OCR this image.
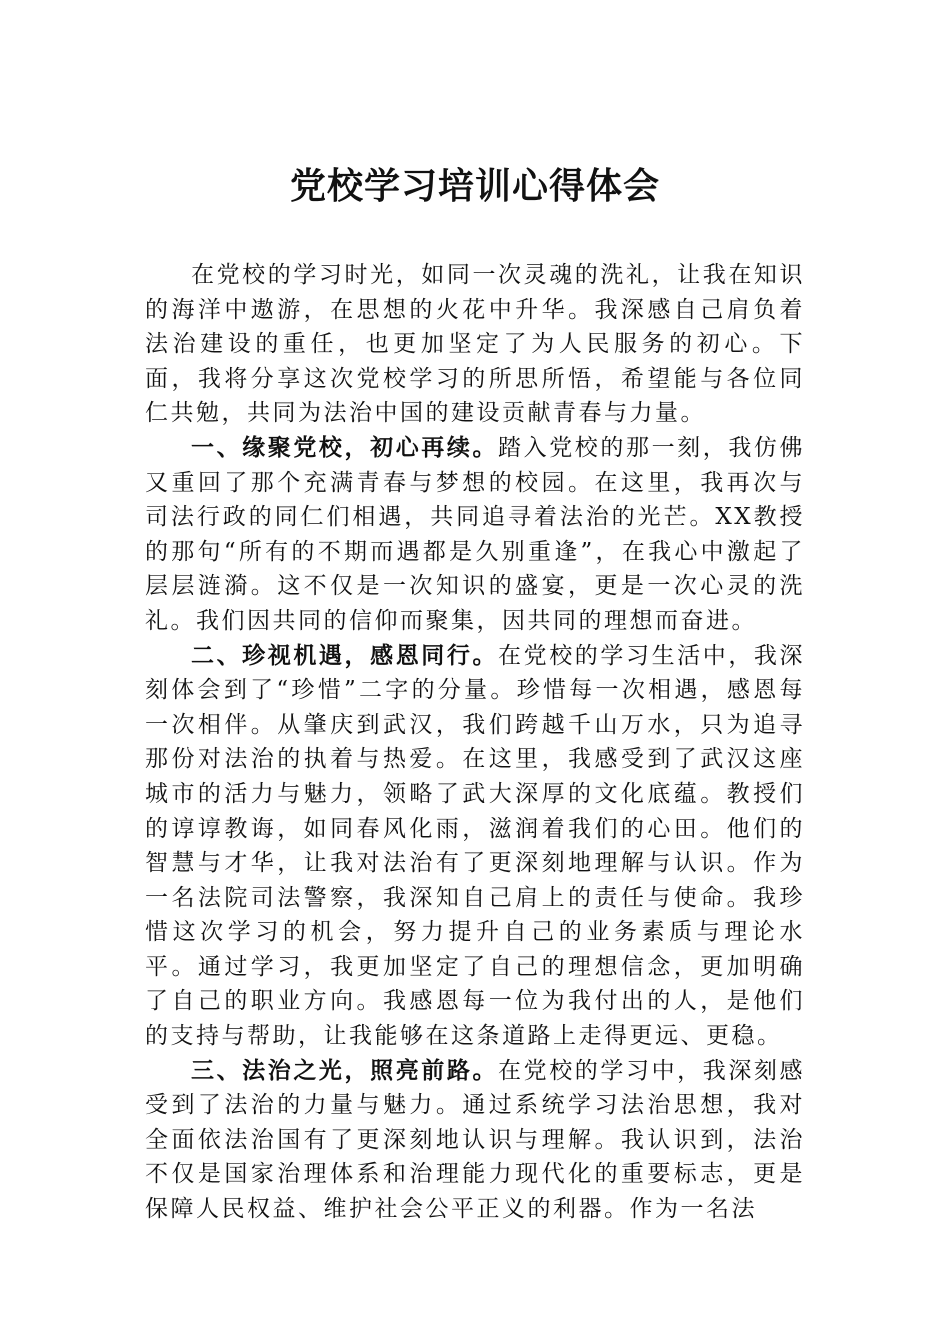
党校学习培训心得体会

在党校的学习时光，如同一次灵魂的洗礼，让我在知识的海洋中遨游，在思想的火花中升华。我深感自己肩负着法治建设的重任，也更加坚定了为人民服务的初心。下面，我将分享这次党校学习的所思所悟，希望能与各位同仁共勉，共同为法治中国的建设贡献青春与力量。

一、缘聚党校，初心再续。踏入党校的那一刻，我仿佛又重回了那个充满青春与梦想的校园。在这里，我再次与司法行政的同仁们相遇，共同追寻着法治的光芒。XX教授的那句“所有的不期而遇都是久别重逢”，在我心中激起了层层涟漪。这不仅是一次知识的盛宴，更是一次心灵的洗礼。我们因共同的信仰而聚集，因共同的理想而奋进。

二、珍视机遇，感恩同行。在党校的学习生活中，我深刻体会到了“珍惜”二字的分量。珍惜每一次相遇，感恩每一次相伴。从肇庆到武汉，我们跨越千山万水，只为追寻那份对法治的执着与热爱。在这里，我感受到了武汉这座城市的活力与魅力，领略了武大深厚的文化底蕴。教授们的谆谆教诲，如同春风化雨，滋润着我们的心田。他们的智慧与才华，让我对法治有了更深刻地理解与认识。作为一名法院司法警察，我深知自己肩上的责任与使命。我珍惜这次学习的机会，努力提升自己的业务素质与理论水平。通过学习，我更加坚定了自己的理想信念，更加明确了自己的职业方向。我感恩每一位为我付出的人，是他们的支持与帮助，让我能够在这条道路上走得更远、更稳。

三、法治之光，照亮前路。在党校的学习中，我深刻感受到了法治的力量与魅力。通过系统学习法治思想，我对全面依法治国有了更深刻地认识与理解。我认识到，法治不仅是国家治理体系和治理能力现代化的重要标志，更是保障人民权益、维护社会公平正义的利器。作为一名法
